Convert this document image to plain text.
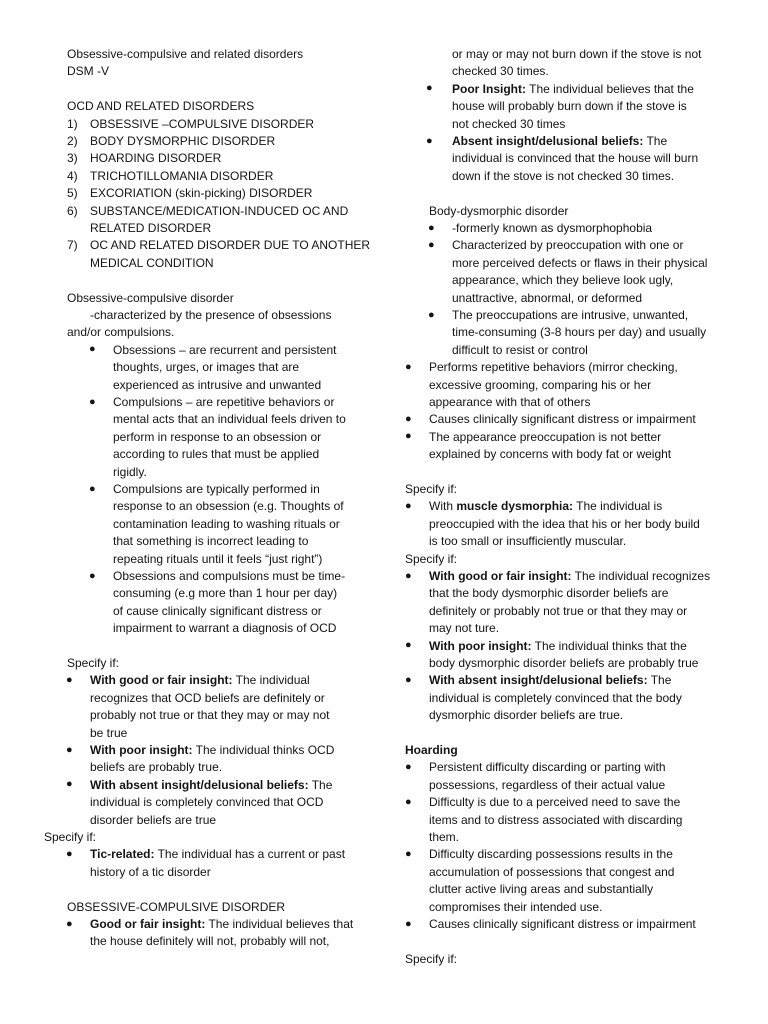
Obsessive-compulsive and related disorders
DSM -V
OCD AND RELATED DISORDERS
1) OBSESSIVE –COMPULSIVE DISORDER
2) BODY DYSMORPHIC DISORDER
3) HOARDING DISORDER
4) TRICHOTILLOMANIA DISORDER
5) EXCORIATION (skin-picking) DISORDER
6) SUBSTANCE/MEDICATION-INDUCED OC AND
RELATED DISORDER
7) OC AND RELATED DISORDER DUE TO ANOTHER
MEDICAL CONDITION
Obsessive-compulsive disorder
-characterized by the presence of obsessions
and/or compulsions.
● Obsessions – are recurrent and persistent
thoughts, urges, or images that are
experienced as intrusive and unwanted
● Compulsions – are repetitive behaviors or
mental acts that an individual feels driven to
perform in response to an obsession or
according to rules that must be applied
rigidly.
● Compulsions are typically performed in
response to an obsession (e.g. Thoughts of
contamination leading to washing rituals or
that something is incorrect leading to
repeating rituals until it feels “just right”)
● Obsessions and compulsions must be time-
consuming (e.g more than 1 hour per day)
of cause clinically significant distress or
impairment to warrant a diagnosis of OCD
Specify if:
● With good or fair insight: The individual
recognizes that OCD beliefs are definitely or
probably not true or that they may or may not
be true
● With poor insight: The individual thinks OCD
beliefs are probably true.
● With absent insight/delusional beliefs: The
individual is completely convinced that OCD
disorder beliefs are true
Specify if:
● Tic-related: The individual has a current or past
history of a tic disorder
OBSESSIVE-COMPULSIVE DISORDER
● Good or fair insight: The individual believes that
the house definitely will not, probably will not,
or may or may not burn down if the stove is not
checked 30 times.
● Poor Insight: The individual believes that the
house will probably burn down if the stove is
not checked 30 times
● Absent insight/delusional beliefs: The
individual is convinced that the house will burn
down if the stove is not checked 30 times.
Body-dysmorphic disorder
● -formerly known as dysmorphophobia
● Characterized by preoccupation with one or
more perceived defects or flaws in their physical
appearance, which they believe look ugly,
unattractive, abnormal, or deformed
● The preoccupations are intrusive, unwanted,
time-consuming (3-8 hours per day) and usually
difficult to resist or control
● Performs repetitive behaviors (mirror checking,
excessive grooming, comparing his or her
appearance with that of others
● Causes clinically significant distress or impairment
● The appearance preoccupation is not better
explained by concerns with body fat or weight
Specify if:
● With muscle dysmorphia: The individual is
preoccupied with the idea that his or her body build
is too small or insufficiently muscular.
Specify if:
● With good or fair insight: The individual recognizes
that the body dysmorphic disorder beliefs are
definitely or probably not true or that they may or
may not ture.
● With poor insight: The individual thinks that the
body dysmorphic disorder beliefs are probably true
● With absent insight/delusional beliefs: The
individual is completely convinced that the body
dysmorphic disorder beliefs are true.
Hoarding
● Persistent difficulty discarding or parting with
possessions, regardless of their actual value
● Difficulty is due to a perceived need to save the
items and to distress associated with discarding
them.
● Difficulty discarding possessions results in the
accumulation of possessions that congest and
clutter active living areas and substantially
compromises their intended use.
● Causes clinically significant distress or impairment
Specify if:
